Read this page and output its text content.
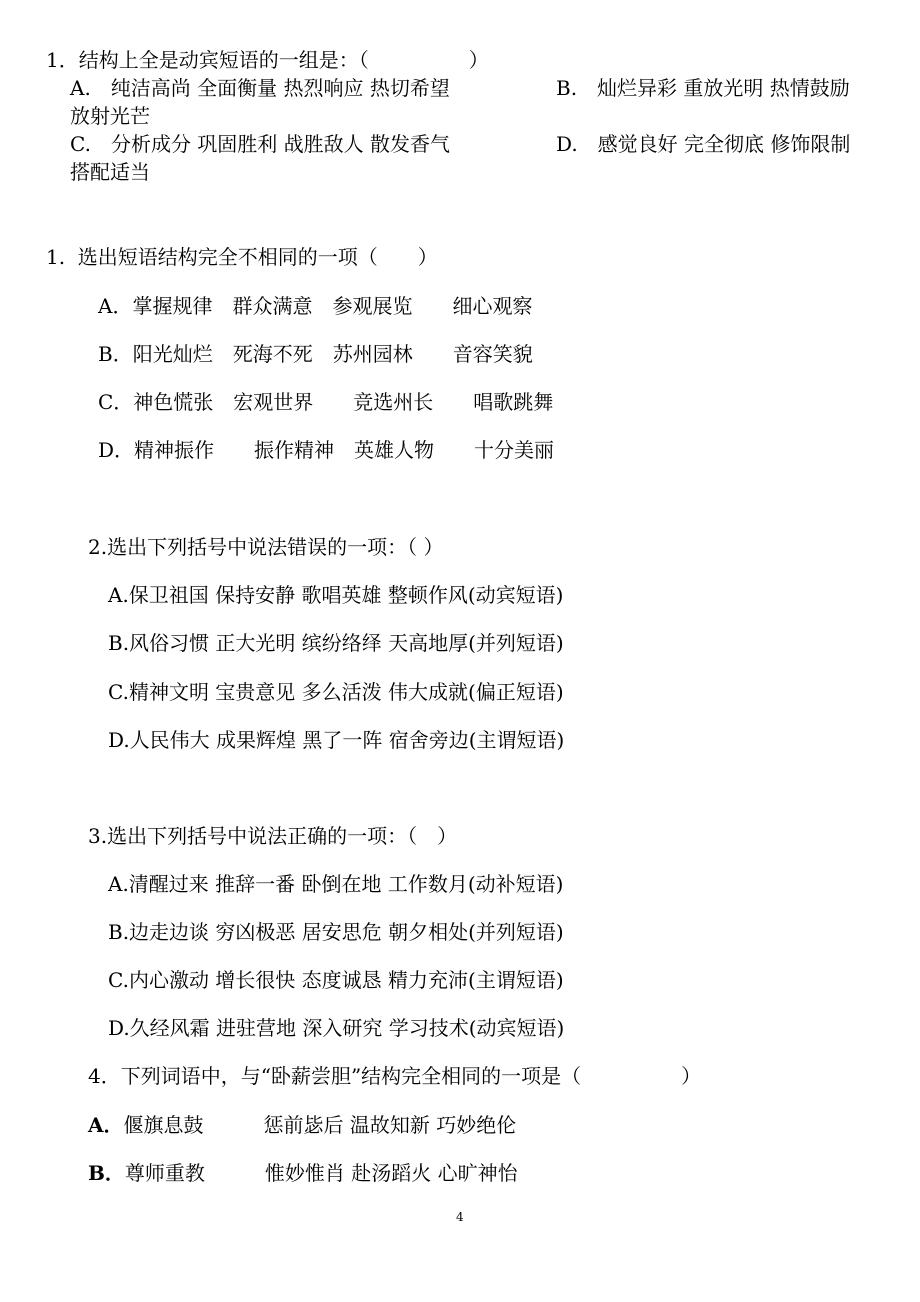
1．结构上全是动宾短语的一组是：（　　　　　）
A.　纯洁高尚 全面衡量 热烈响应 热切希望	B.　灿烂异彩 重放光明 热情鼓励
放射光芒
C.　分析成分 巩固胜利 战胜敌人 散发香气	D.　感觉良好 完全彻底 修饰限制
搭配适当
1.  选出短语结构完全不相同的一项（　　）
A．掌握规律　群众满意　参观展览　　细心观察
B．阳光灿烂　死海不死　苏州园林　　音容笑貌
C．神色慌张　宏观世界　　竞选州长　　唱歌跳舞
D．精神振作　　振作精神　英雄人物　　十分美丽
2.选出下列括号中说法错误的一项：（ ）
A.保卫祖国 保持安静 歌唱英雄 整顿作风(动宾短语)
B.风俗习惯 正大光明 缤纷络绎 天高地厚(并列短语)
C.精神文明 宝贵意见 多么活泼 伟大成就(偏正短语)
D.人民伟大 成果辉煌 黑了一阵 宿舍旁边(主谓短语)
3.选出下列括号中说法正确的一项：（　）
A.清醒过来 推辞一番 卧倒在地 工作数月(动补短语)
B.边走边谈 穷凶极恶 居安思危 朝夕相处(并列短语)
C.内心激动 增长很快 态度诚恳 精力充沛(主谓短语)
D.久经风霜 进驻营地 深入研究 学习技术(动宾短语)
4．下列词语中，与“卧薪尝胆”结构完全相同的一项是（　　　　　）
A．偃旗息鼓　　　惩前毖后 温故知新 巧妙绝伦
B．尊师重教　　　惟妙惟肖 赴汤蹈火 心旷神怡
4
